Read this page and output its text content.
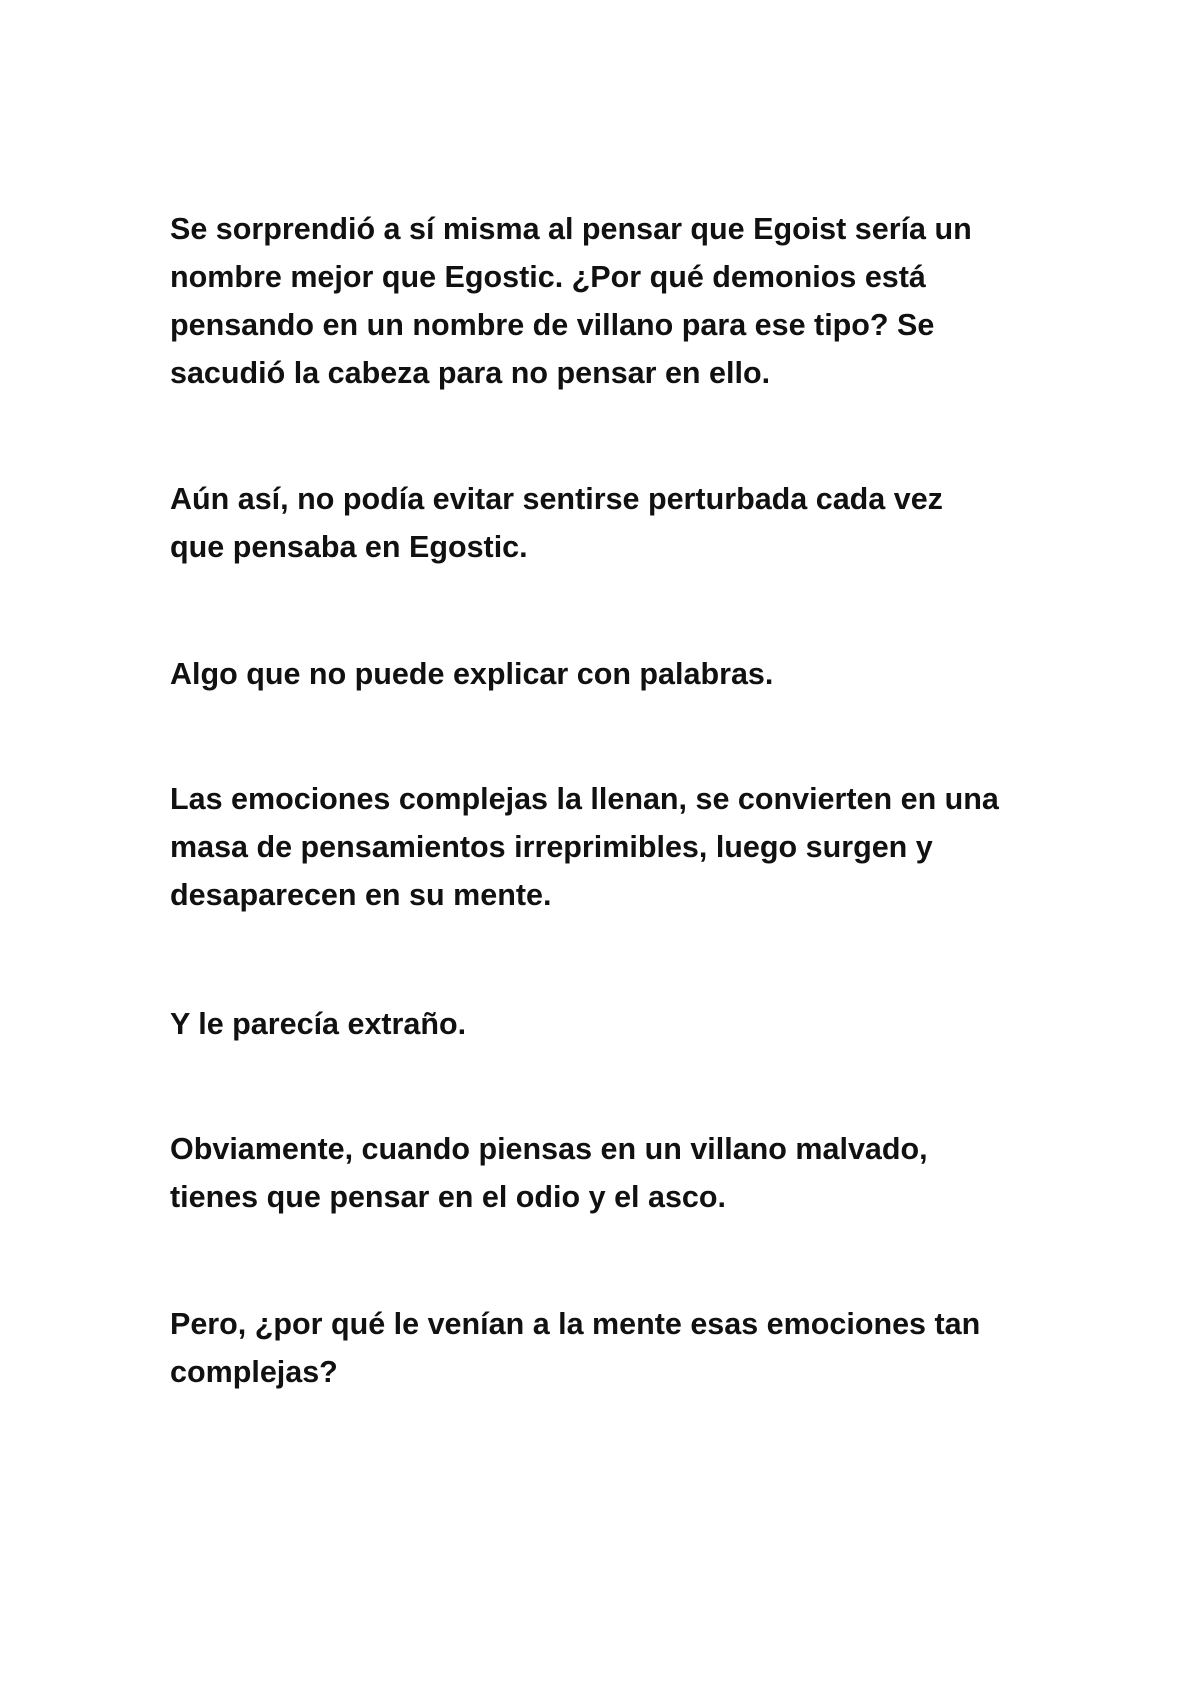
Se sorprendió a sí misma al pensar que Egoist sería un
nombre mejor que Egostic. ¿Por qué demonios está
pensando en un nombre de villano para ese tipo? Se
sacudió la cabeza para no pensar en ello.

Aún así, no podía evitar sentirse perturbada cada vez
que pensaba en Egostic.

Algo que no puede explicar con palabras.

Las emociones complejas la llenan, se convierten en una
masa de pensamientos irreprimibles, luego surgen y
desaparecen en su mente.

Y le parecía extraño.

Obviamente, cuando piensas en un villano malvado,
tienes que pensar en el odio y el asco.

Pero, ¿por qué le venían a la mente esas emociones tan
complejas?
